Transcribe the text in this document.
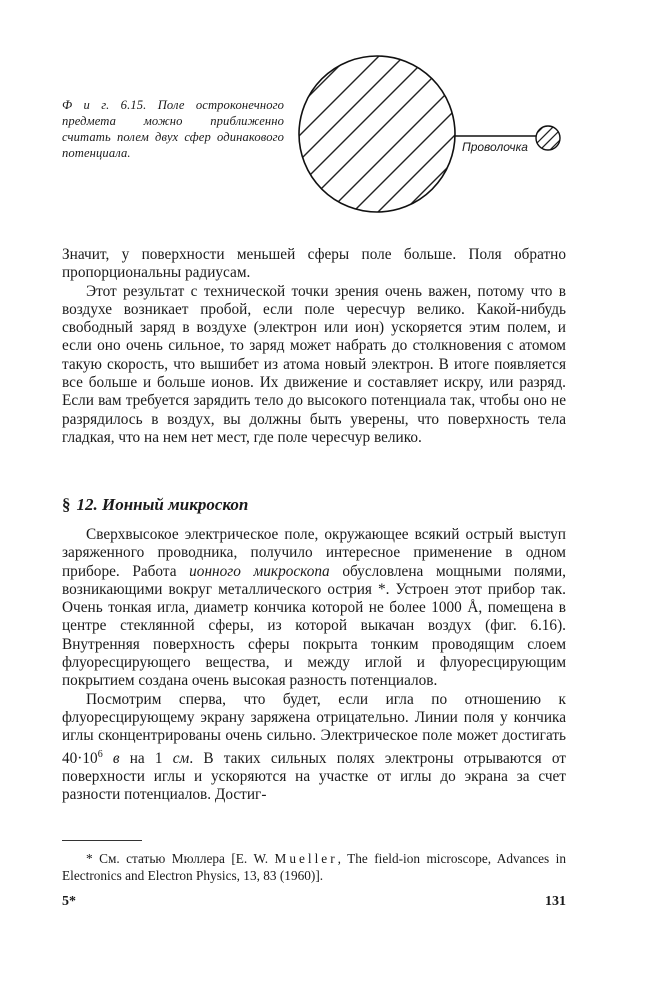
Ф и г. 6.15. Поле остроконечного предмета можно приближенно считать полем двух сфер одинакового потенциала.	Проволочка

Значит, у поверхности меньшей сферы поле больше. Поля обратно пропорциональны радиусам.

Этот результат с технической точки зрения очень важен, потому что в воздухе возникает пробой, если поле чересчур велико. Какой-нибудь свободный заряд в воздухе (электрон или ион) ускоряется этим полем, и если оно очень сильное, то заряд может набрать до столкновения с атомом такую скорость, что вышибет из атома новый электрон. В итоге появляется все больше и больше ионов. Их движение и составляет искру, или разряд. Если вам требуется зарядить тело до высокого потенциала так, чтобы оно не разрядилось в воздух, вы должны быть уверены, что поверхность тела гладкая, что на нем нет мест, где поле чересчур велико.

§ 12. Ионный микроскоп

Сверхвысокое электрическое поле, окружающее всякий острый выступ заряженного проводника, получило интересное применение в одном приборе. Работа ионного микроскопа обусловлена мощными полями, возникающими вокруг металлического острия *. Устроен этот прибор так. Очень тонкая игла, диаметр кончика которой не более 1000 Å, помещена в центре стеклянной сферы, из которой выкачан воздух (фиг. 6.16). Внутренняя поверхность сферы покрыта тонким проводящим слоем флуоресцирующего вещества, и между иглой и флуоресцирующим покрытием создана очень высокая разность потенциалов.

Посмотрим сперва, что будет, если игла по отношению к флуоресцирующему экрану заряжена отрицательно. Линии поля у кончика иглы сконцентрированы очень сильно. Электрическое поле может достигать $40\cdot 10^6$ в на 1 см. В таких сильных полях электроны отрываются от поверхности иглы и ускоряются на участке от иглы до экрана за счет разности потенциалов. Достиг-

* См. статью Мюллера [E. W. Mueller, The field-ion microscope, Advances in Electronics and Electron Physics, 13, 83 (1960)].
5*	131
